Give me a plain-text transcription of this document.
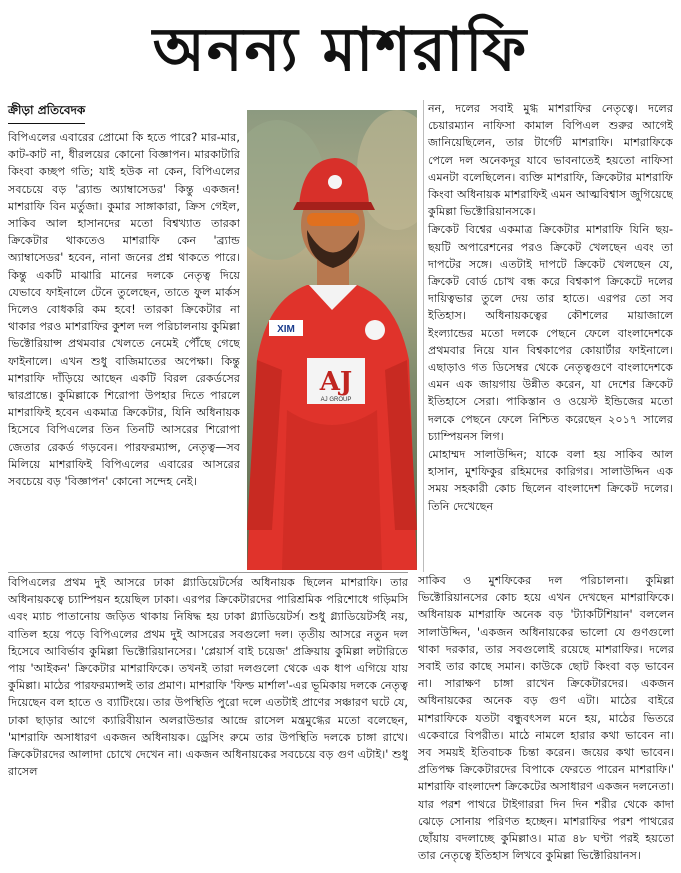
অনন্য মাশরাফি
ক্রীড়া প্রতিবেদক

বিপিএলের এবারের প্রোমো কি হতে পারে? মার-মার, কাট-কাট না, ধীরলয়ের কোনো বিজ্ঞাপন। মারকাটারি কিংবা কচ্ছপ গতি; যাই হউক না কেন, বিপিএলের সবচেয়ে বড় 'ব্র্যান্ড অ্যাম্বাসেডর' কিন্তু একজন! মাশরাফি বিন মর্তুজা। কুমার সাঙ্গাকারা, ক্রিস গেইল, সাকিব আল হাসানদের মতো বিশ্বখ্যাত তারকা ক্রিকেটার থাকতেও মাশরাফি কেন 'ব্র্যান্ড অ্যাম্বাসেডর' হবেন, নানা জনের প্রশ্ন থাকতে পারে। কিন্তু একটি মাঝারি মানের দলকে নেতৃত্ব দিয়ে যেভাবে ফাইনালে টেনে তুলেছেন, তাতে ফুল মার্কস দিলেও বোধকরি কম হবে! তারকা ক্রিকেটার না থাকার পরও মাশরাফির কুশল দল পরিচালনায় কুমিল্লা ভিক্টোরিয়ান্স প্রথমবার খেলতে নেমেই পৌঁছে গেছে ফাইনালে। এখন শুধু বাজিমাতের অপেক্ষা। কিন্তু মাশরাফি দাঁড়িয়ে আছেন একটি বিরল রেকর্ডসের দ্বারপ্রান্তে। কুমিল্লাকে শিরোপা উপহার দিতে পারলে মাশরাফিই হবেন একমাত্র ক্রিকেটার, যিনি অধিনায়ক হিসেবে বিপিএলের তিন তিনটি আসরের শিরোপা জেতার রেকর্ড গড়বেন। পারফরম্যান্স, নেতৃত্ব—সব মিলিয়ে মাশরাফিই বিপিএলের এবারের আসরের সবচেয়ে বড় 'বিজ্ঞাপন' কোনো সন্দেহ নেই।

XIM
AJ
AJ GROUP

নন, দলের সবাই মুগ্ধ মাশরাফির নেতৃত্বে। দলের চেয়ারম্যান নাফিসা কামাল বিপিএল শুরুর আগেই জানিয়েছিলেন, তার টার্গেট মাশরাফি। মাশরাফিকে পেলে দল অনেকদূর যাবে ভাবনাতেই হয়তো নাফিসা এমনটা বলেছিলেন। ব্যক্তি মাশরাফি, ক্রিকেটার মাশরাফি কিংবা অধিনায়ক মাশরাফিই এমন আত্মবিশ্বাস জুগিয়েছে কুমিল্লা ভিক্টোরিয়ানসকে।

ক্রিকেট বিশ্বের একমাত্র ক্রিকেটার মাশরাফি যিনি ছয়-ছয়টি অপারেশনের পরও ক্রিকেট খেলছেন এবং তা দাপটের সঙ্গে। এতটাই দাপটে ক্রিকেট খেলছেন যে, ক্রিকেট বোর্ড চোখ বন্ধ করে বিশ্বকাপ ক্রিকেটে দলের দায়িত্বভার তুলে দেয় তার হাতে। এরপর তো সব ইতিহাস। অধিনায়কত্বের কৌশলের মায়াজালে ইংল্যান্ডের মতো দলকে পেছনে ফেলে বাংলাদেশকে প্রথমবার নিয়ে যান বিশ্বকাপের কোয়ার্টার ফাইনালে। এছাড়াও গত ডিসেম্বর থেকে নেতৃত্বগুণে বাংলাদেশকে এমন এক জায়গায় উন্নীত করেন, যা দেশের ক্রিকেট ইতিহাসে সেরা। পাকিস্তান ও ওয়েস্ট ইন্ডিজের মতো দলকে পেছনে ফেলে নিশ্চিত করেছেন ২০১৭ সালের চ্যাম্পিয়নস লিগ।

মোহাম্মদ সালাউদ্দিন; যাকে বলা হয় সাকিব আল হাসান, মুশফিকুর রহিমদের কারিগর। সালাউদ্দিন এক সময় সহকারী কোচ ছিলেন বাংলাদেশ ক্রিকেট দলের। তিনি দেখেছেন

বিপিএলের প্রথম দুই আসরে ঢাকা গ্ল্যাডিয়েটর্সের অধিনায়ক ছিলেন মাশরাফি। তার অধিনায়কত্বে চ্যাম্পিয়ন হয়েছিল ঢাকা। এরপর ক্রিকেটারদের পারিশ্রমিক পরিশোধে গড়িমসি এবং ম্যাচ পাতানোয় জড়িত থাকায় নিষিদ্ধ হয় ঢাকা গ্ল্যাডিয়েটর্স। শুধু গ্ল্যাডিয়েটর্সই নয়, বাতিল হয়ে পড়ে বিপিএলের প্রথম দুই আসরের সবগুলো দল। তৃতীয় আসরে নতুন দল হিসেবে আবির্ভাব কুমিল্লা ভিক্টোরিয়ানসের। 'প্লেয়ার্স বাই চয়েজ' প্রক্রিয়ায় কুমিল্লা লটারিতে পায় 'আইকন' ক্রিকেটার মাশরাফিকে। তখনই তারা দলগুলো থেকে এক ধাপ এগিয়ে যায় কুমিল্লা। মাঠের পারফরম্যান্সই তার প্রমাণ। মাশরাফি 'ফিল্ড মার্শাল'-এর ভূমিকায় দলকে নেতৃত্ব দিয়েছেন বল হাতে ও ব্যাটিংয়ে। তার উপস্থিতি পুরো দলে এতটাই প্রাণের সঞ্চারণ ঘটে যে, ঢাকা ছাড়ার আগে ক্যারিবীয়ান অলরাউন্ডার আন্দ্রে রাসেল মন্ত্রমুগ্ধের মতো বলেছেন, 'মাশরাফি অসাধারণ একজন অধিনায়ক। ড্রেসিং রুমে তার উপস্থিতি দলকে চাঙ্গা রাখে। ক্রিকেটারদের আলাদা চোখে দেখেন না। একজন অধিনায়কের সবচেয়ে বড় গুণ এটাই।' শুধু রাসেল

সাকিব ও মুশফিকের দল পরিচালনা। কুমিল্লা ভিক্টোরিয়ানসের কোচ হয়ে এখন দেখছেন মাশরাফিকে। অধিনায়ক মাশরাফি অনেক বড় 'ট্যাকটিশিয়ান' বললেন সালাউদ্দিন, 'একজন অধিনায়কের ভালো যে গুণগুলো থাকা দরকার, তার সবগুলোই রয়েছে মাশরাফির। দলের সবাই তার কাছে সমান। কাউকে ছোট কিংবা বড় ভাবেন না। সারাক্ষণ চাঙ্গা রাখেন ক্রিকেটারদের। একজন অধিনায়কের অনেক বড় গুণ এটা। মাঠের বাইরে মাশরাফিকে যতটা বন্ধুবৎসল মনে হয়, মাঠের ভিতরে একেবারে বিপরীত। মাঠে নামলে হারার কথা ভাবেন না। সব সময়ই ইতিবাচক চিন্তা করেন। জয়ের কথা ভাবেন। প্রতিপক্ষ ক্রিকেটারদের বিপাকে ফেরতে পারেন মাশরাফি।' মাশরাফি বাংলাদেশ ক্রিকেটের অসাধারণ একজন দলনেতা। যার পরশ পাথরে টাইগাররা দিন দিন শরীর থেকে কাদা ঝেড়ে সোনায় পরিণত হচ্ছেন। মাশরাফির পরশ পাথরের ছোঁয়ায় বদলাচ্ছে কুমিল্লাও। মাত্র ৪৮ ঘণ্টা পরই হয়তো তার নেতৃত্বে ইতিহাস লিখবে কুমিল্লা ভিক্টোরিয়ানস।
